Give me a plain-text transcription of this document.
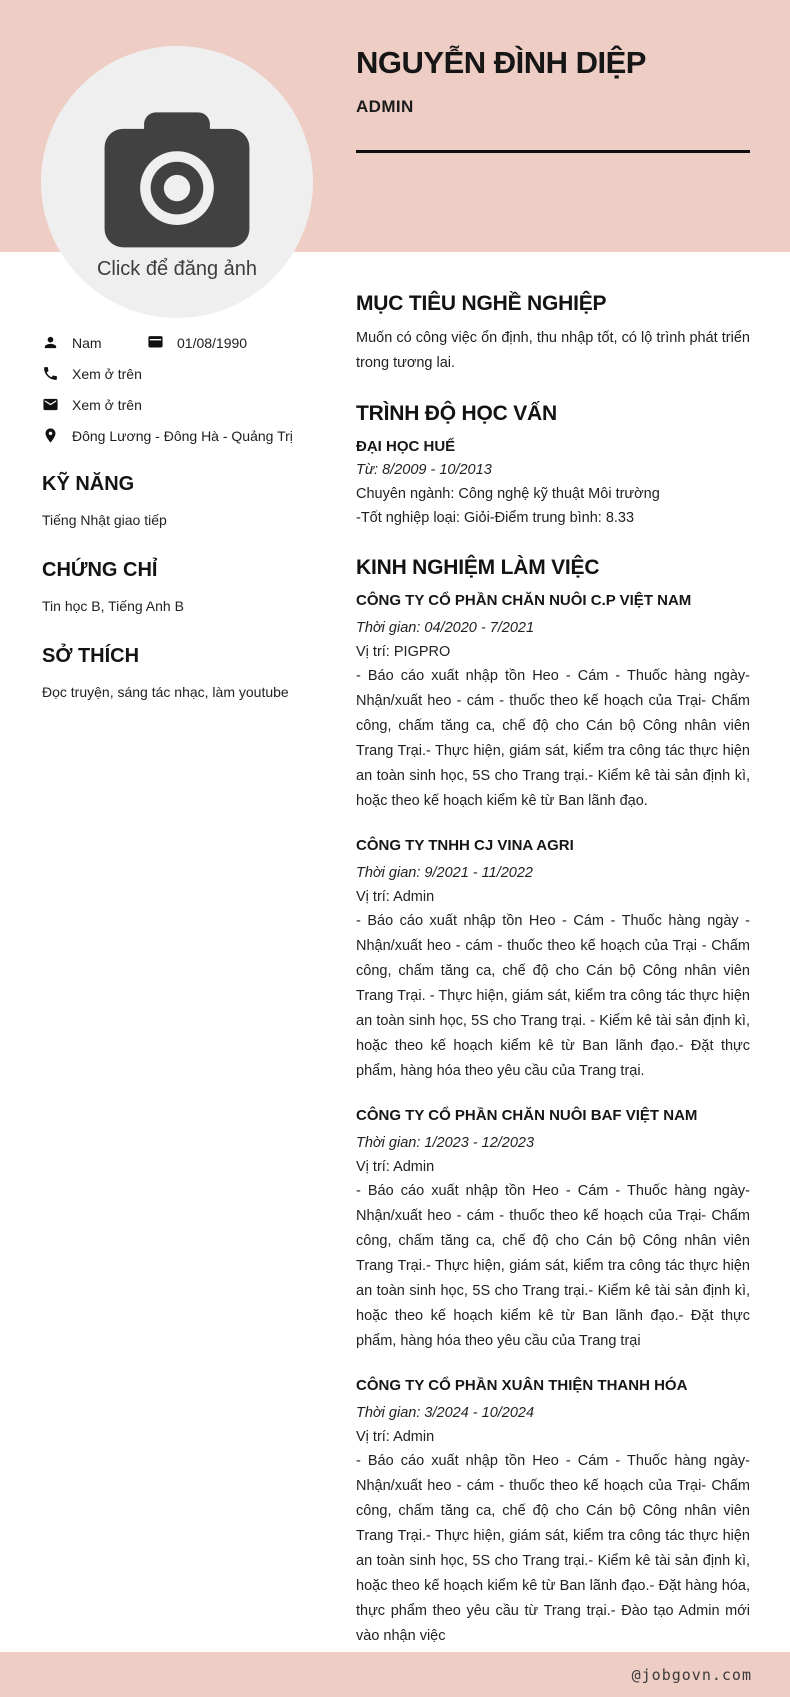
Click để đăng ảnh
NGUYỄN ĐÌNH DIỆP
ADMIN
Nam	01/08/1990
Xem ở trên
Xem ở trên
Đông Lương - Đông Hà - Quảng Trị
KỸ NĂNG
Tiếng Nhật giao tiếp
CHỨNG CHỈ
Tin học B, Tiếng Anh B
SỞ THÍCH
Đọc truyện, sáng tác nhạc, làm youtube
MỤC TIÊU NGHỀ NGHIỆP

Muốn có công việc ổn định, thu nhập tốt, có lộ trình phát triển trong tương lai.

TRÌNH ĐỘ HỌC VẤN
ĐẠI HỌC HUẾ
Từ: 8/2009 - 10/2013
Chuyên ngành: Công nghệ kỹ thuật Môi trường
-Tốt nghiệp loại: Giỏi-Điểm trung bình: 8.33
KINH NGHIỆM LÀM VIỆC
CÔNG TY CỔ PHẦN CHĂN NUÔI C.P VIỆT NAM
Thời gian: 04/2020 - 7/2021
Vị trí: PIGPRO

- Báo cáo xuất nhập tồn Heo - Cám - Thuốc hàng ngày- Nhận/xuất heo - cám - thuốc theo kế hoạch của Trại- Chấm công, chấm tăng ca, chế độ cho Cán bộ Công nhân viên Trang Trại.- Thực hiện, giám sát, kiểm tra công tác thực hiện an toàn sinh học, 5S cho Trang trại.- Kiểm kê tài sản định kì, hoặc theo kế hoạch kiểm kê từ Ban lãnh đạo.

CÔNG TY TNHH CJ VINA AGRI
Thời gian: 9/2021 - 11/2022
Vị trí: Admin

- Báo cáo xuất nhập tồn Heo - Cám - Thuốc hàng ngày - Nhận/xuất heo - cám - thuốc theo kế hoạch của Trại - Chấm công, chấm tăng ca, chế độ cho Cán bộ Công nhân viên Trang Trại. - Thực hiện, giám sát, kiểm tra công tác thực hiện an toàn sinh học, 5S cho Trang trại. - Kiểm kê tài sản định kì, hoặc theo kế hoạch kiểm kê từ Ban lãnh đạo.- Đặt thực phẩm, hàng hóa theo yêu cầu của Trang trại.

CÔNG TY CỔ PHẦN CHĂN NUÔI BAF VIỆT NAM
Thời gian: 1/2023 - 12/2023
Vị trí: Admin

- Báo cáo xuất nhập tồn Heo - Cám - Thuốc hàng ngày- Nhận/xuất heo - cám - thuốc theo kế hoạch của Trại- Chấm công, chấm tăng ca, chế độ cho Cán bộ Công nhân viên Trang Trại.- Thực hiện, giám sát, kiểm tra công tác thực hiện an toàn sinh học, 5S cho Trang trại.- Kiểm kê tài sản định kì, hoặc theo kế hoạch kiểm kê từ Ban lãnh đạo.- Đặt thực phẩm, hàng hóa theo yêu cầu của Trang trại

CÔNG TY CỔ PHẦN XUÂN THIỆN THANH HÓA
Thời gian: 3/2024 - 10/2024
Vị trí: Admin

- Báo cáo xuất nhập tồn Heo - Cám - Thuốc hàng ngày- Nhận/xuất heo - cám - thuốc theo kế hoạch của Trại- Chấm công, chấm tăng ca, chế độ cho Cán bộ Công nhân viên Trang Trại.- Thực hiện, giám sát, kiểm tra công tác thực hiện an toàn sinh học, 5S cho Trang trại.- Kiểm kê tài sản định kì, hoặc theo kế hoạch kiểm kê từ Ban lãnh đạo.- Đặt hàng hóa, thực phẩm theo yêu cầu từ Trang trại.- Đào tạo Admin mới vào nhận việc

@jobgovn.com
